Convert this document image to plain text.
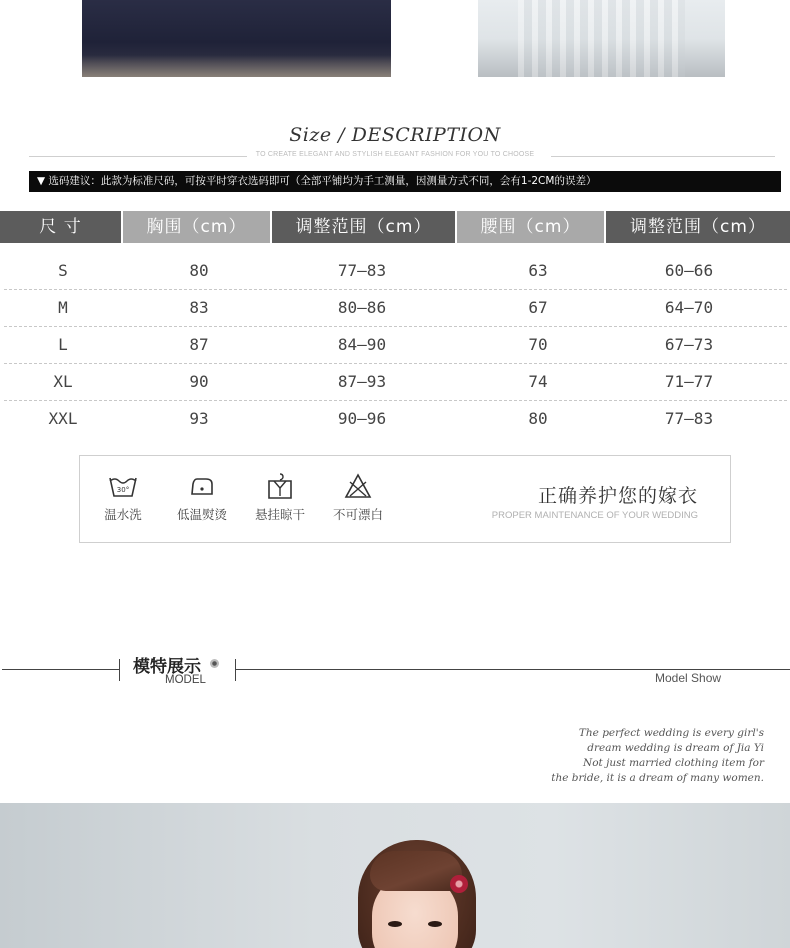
Size / DESCRIPTION
TO CREATE ELEGANT AND STYLISH ELEGANT FASHION FOR YOU TO CHOOSE
▼ 选码建议：此款为标准尺码，可按平时穿衣选码即可（全部平铺均为手工测量，因测量方式不同，会有1-2CM的误差）
尺 寸	胸围（cm）	调整范围（cm）	腰围（cm）	调整范围（cm）
S	80	77—83	63	60—66
M	83	80—86	67	64—70
L	87	84—90	70	67—73
XL	90	87—93	74	71—77
XXL	93	90—96	80	77—83
30°
温水洗	低温熨烫	悬挂晾干	不可漂白
正确养护您的嫁衣
PROPER MAINTENANCE OF YOUR WEDDING
模特展示
MODEL	Model Show
The perfect wedding is every girl's
dream wedding is dream of Jia Yi
Not just married clothing item for
the bride, it is a dream of many women.
